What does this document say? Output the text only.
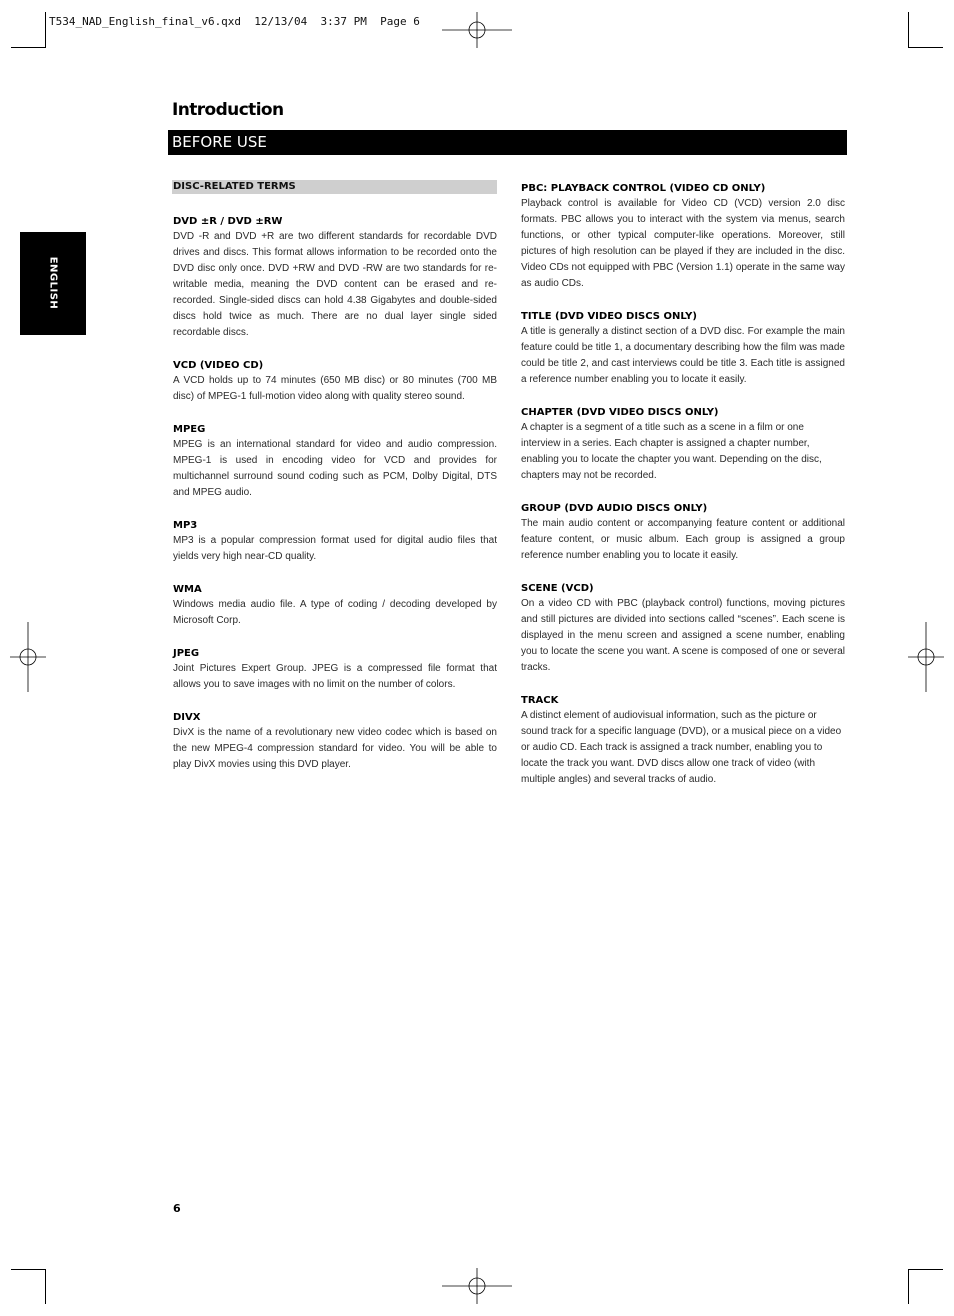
T534_NAD_English_final_v6.qxd  12/13/04  3:37 PM  Page 6
Introduction
BEFORE USE
ENGLISH
DISC-RELATED TERMS
DVD ±R / DVD ±RW

DVD -R and DVD +R are two different standards for recordable DVD drives and discs. This format allows information to be recorded onto the DVD disc only once. DVD +RW and DVD -RW are two standards for re-writable media, meaning the DVD content can be erased and re-recorded. Single-sided discs can hold 4.38 Gigabytes and double-sided discs hold twice as much. There are no dual layer single sided recordable discs.

VCD (VIDEO CD)

A VCD holds up to 74 minutes (650 MB disc) or 80 minutes (700 MB disc) of MPEG-1 full-motion video along with quality stereo sound.

MPEG

MPEG is an international standard for video and audio compression. MPEG-1 is used in encoding video for VCD and provides for multichannel surround sound coding such as PCM, Dolby Digital, DTS and MPEG audio.

MP3

MP3 is a popular compression format used for digital audio files that yields very high near-CD quality.

WMA

Windows media audio file. A type of coding / decoding developed by Microsoft Corp.

JPEG

Joint Pictures Expert Group. JPEG is a compressed file format that allows you to save images with no limit on the number of colors.

DIVX

DivX is the name of a revolutionary new video codec which is based on the new MPEG-4 compression standard for video. You will be able to play DivX movies using this DVD player.

PBC: PLAYBACK CONTROL (VIDEO CD ONLY)

Playback control is available for Video CD (VCD) version 2.0 disc formats. PBC allows you to interact with the system via menus, search functions, or other typical computer-like operations. Moreover, still pictures of high resolution can be played if they are included in the disc. Video CDs not equipped with PBC (Version 1.1) operate in the same way as audio CDs.

TITLE (DVD VIDEO DISCS ONLY)

A title is generally a distinct section of a DVD disc. For example the main feature could be title 1, a documentary describing how the film was made could be title 2, and cast interviews could be title 3. Each title is assigned a reference number enabling you to locate it easily.

CHAPTER (DVD VIDEO DISCS ONLY)

A chapter is a segment of a title such as a scene in a film or one interview in a series. Each chapter is assigned a chapter number, enabling you to locate the chapter you want. Depending on the disc, chapters may not be recorded.

GROUP (DVD AUDIO DISCS ONLY)

The main audio content or accompanying feature content or additional feature content, or music album. Each group is assigned a group reference number enabling you to locate it easily.

SCENE (VCD)

On a video CD with PBC (playback control) functions, moving pictures and still pictures are divided into sections called “scenes”. Each scene is displayed in the menu screen and assigned a scene number, enabling you to locate the scene you want. A scene is composed of one or several tracks.

TRACK

A distinct element of audiovisual information, such as the picture or sound track for a specific language (DVD), or a musical piece on a video or audio CD. Each track is assigned a track number, enabling you to locate the track you want. DVD discs allow one track of video (with multiple angles) and several tracks of audio.

6
